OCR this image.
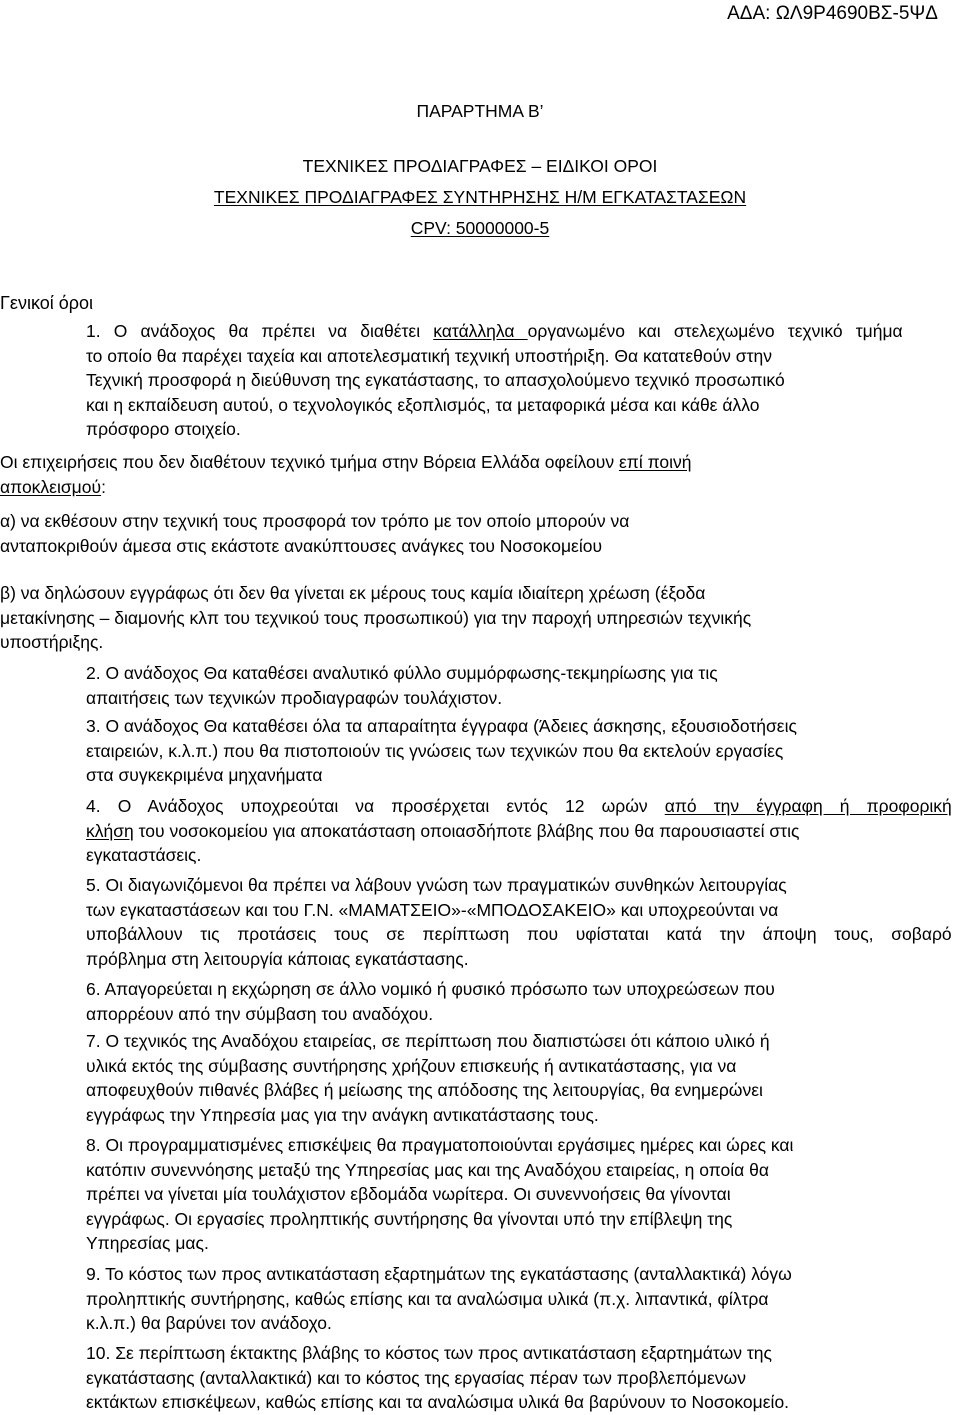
ΑΔΑ: ΩΛ9Ρ4690ΒΣ-5ΨΔ
ΠΑΡΑΡΤΗΜΑ Β’
ΤΕΧΝΙΚΕΣ ΠΡΟΔΙΑΓΡΑΦΕΣ – ΕΙΔΙΚΟΙ ΟΡΟΙ
ΤΕΧΝΙΚΕΣ ΠΡΟΔΙΑΓΡΑΦΕΣ ΣΥΝΤΗΡΗΣΗΣ Η/Μ ΕΓΚΑΤΑΣΤΑΣΕΩΝ
CPV: 50000000-5
Γενικοί όροι
1. Ο ανάδοχος θα πρέπει να διαθέτει κατάλληλα οργανωμένο και στελεχωμένο τεχνικό τμήμα
το οποίο θα παρέχει ταχεία και αποτελεσματική τεχνική υποστήριξη. Θα κατατεθούν στην
Τεχνική προσφορά η διεύθυνση της εγκατάστασης, το απασχολούμενο τεχνικό προσωπικό
και η εκπαίδευση αυτού, ο τεχνολογικός εξοπλισμός, τα μεταφορικά μέσα και κάθε άλλο
πρόσφορο στοιχείο.
Οι επιχειρήσεις που δεν διαθέτουν τεχνικό τμήμα στην Βόρεια Ελλάδα οφείλουν επί ποινή
αποκλεισμού:
α) να εκθέσουν στην τεχνική τους προσφορά τον τρόπο με τον οποίο μπορούν να
ανταποκριθούν άμεσα στις εκάστοτε ανακύπτουσες ανάγκες του Νοσοκομείου
β) να δηλώσουν εγγράφως ότι δεν θα γίνεται εκ μέρους τους καμία ιδιαίτερη χρέωση (έξοδα
μετακίνησης – διαμονής κλπ του τεχνικού τους προσωπικού) για την παροχή υπηρεσιών τεχνικής
υποστήριξης.
2. Ο ανάδοχος Θα καταθέσει αναλυτικό φύλλο συμμόρφωσης-τεκμηρίωσης για τις
απαιτήσεις των τεχνικών προδιαγραφών τουλάχιστον.
3. Ο ανάδοχος Θα καταθέσει όλα τα απαραίτητα έγγραφα (Άδειες άσκησης, εξουσιοδοτήσεις
εταιρειών, κ.λ.π.) που θα πιστοποιούν τις γνώσεις των τεχνικών που θα εκτελούν εργασίες
στα συγκεκριμένα μηχανήματα
4. Ο Ανάδοχος υποχρεούται να προσέρχεται εντός 12 ωρών από την έγγραφη ή προφορική
κλήση του νοσοκομείου για αποκατάσταση οποιασδήποτε βλάβης που θα παρουσιαστεί στις
εγκαταστάσεις.
5. Οι διαγωνιζόμενοι θα πρέπει να λάβουν γνώση των πραγματικών συνθηκών λειτουργίας
των εγκαταστάσεων και του Γ.Ν. «ΜΑΜΑΤΣΕΙΟ»-«ΜΠΟΔΟΣΑΚΕΙΟ» και υποχρεούνται να
υποβάλλουν τις προτάσεις τους σε περίπτωση που υφίσταται κατά την άποψη τους, σοβαρό
πρόβλημα στη λειτουργία κάποιας εγκατάστασης.
6. Απαγορεύεται η εκχώρηση σε άλλο νομικό ή φυσικό πρόσωπο των υποχρεώσεων που
απορρέουν από την σύμβαση του αναδόχου.
7. Ο τεχνικός της Αναδόχου εταιρείας, σε περίπτωση που διαπιστώσει ότι κάποιο υλικό ή
υλικά εκτός της σύμβασης συντήρησης χρήζουν επισκευής ή αντικατάστασης, για να
αποφευχθούν πιθανές βλάβες ή μείωσης της απόδοσης της λειτουργίας, θα ενημερώνει
εγγράφως την Υπηρεσία μας για την ανάγκη αντικατάστασης τους.
8. Οι προγραμματισμένες επισκέψεις θα πραγματοποιούνται εργάσιμες ημέρες και ώρες και
κατόπιν συνεννόησης μεταξύ της Υπηρεσίας μας και της Αναδόχου εταιρείας, η οποία θα
πρέπει να γίνεται μία τουλάχιστον εβδομάδα νωρίτερα. Οι συνεννοήσεις θα γίνονται
εγγράφως. Οι εργασίες προληπτικής συντήρησης θα γίνονται υπό την επίβλεψη της
Υπηρεσίας μας.
9. Το κόστος των προς αντικατάσταση εξαρτημάτων της εγκατάστασης (ανταλλακτικά) λόγω
προληπτικής συντήρησης, καθώς επίσης και τα αναλώσιμα υλικά (π.χ. λιπαντικά, φίλτρα
κ.λ.π.) θα βαρύνει τον ανάδοχο.
10. Σε περίπτωση έκτακτης βλάβης το κόστος των προς αντικατάσταση εξαρτημάτων της
εγκατάστασης (ανταλλακτικά) και το κόστος της εργασίας πέραν των προβλεπόμενων
εκτάκτων επισκέψεων, καθώς επίσης και τα αναλώσιμα υλικά θα βαρύνουν το Νοσοκομείο.
